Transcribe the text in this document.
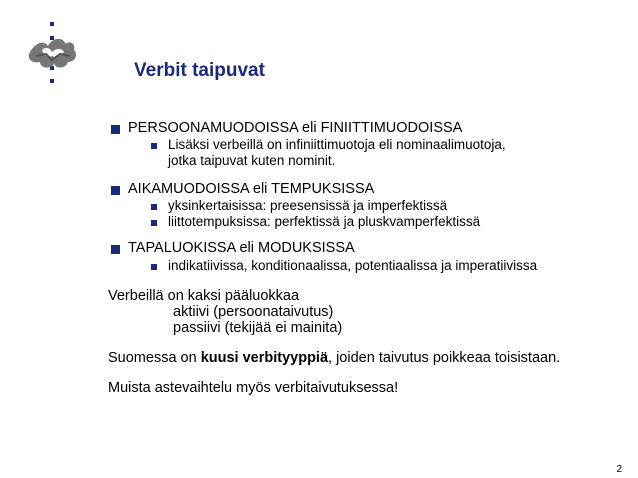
Verbit taipuvat
PERSOONAMUODOISSA eli FINIITTIMUODOISSA
Lisäksi verbeillä on infiniittimuotoja eli nominaalimuotoja,
jotka taipuvat kuten nominit.
AIKAMUODOISSA eli TEMPUKSISSA
yksinkertaisissa: preesensissä ja imperfektissä
liittotempuksissa: perfektissä ja pluskvamperfektissä
TAPALUOKISSA eli MODUKSISSA
indikatiivissa, konditionaalissa, potentiaalissa ja imperatiivissa
Verbeillä on kaksi pääluokkaa
aktiivi (persoonataivutus)
passiivi (tekijää ei mainita)
Suomessa on kuusi verbityyppiä, joiden taivutus poikkeaa toisistaan.
Muista astevaihtelu myös verbitaivutuksessa!
2
